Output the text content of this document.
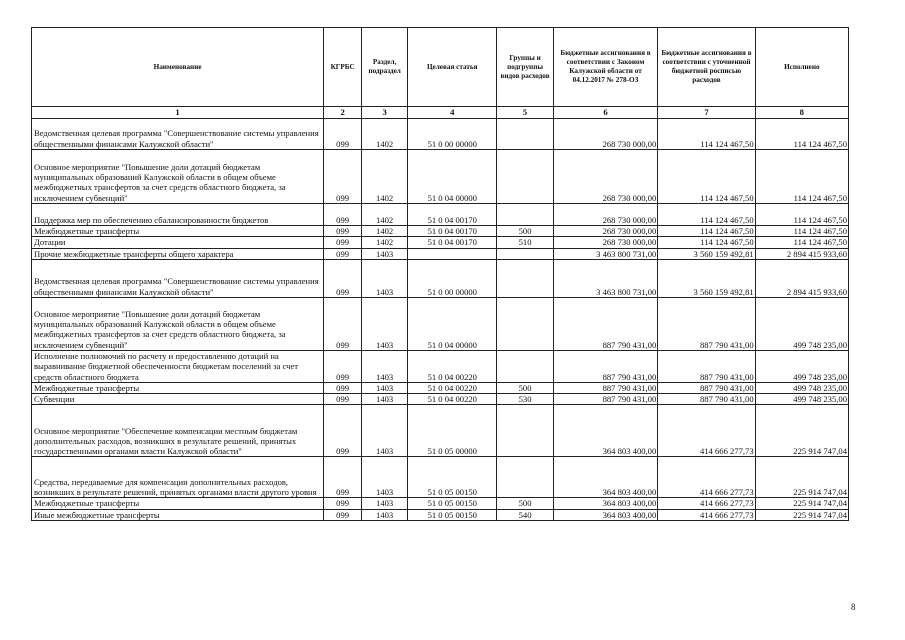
Наименование	КГРБС	Раздел, подраздел	Целевая статья	Группы и подгруппы видов расходов	Бюджетные ассигнования в соответствии с Законом Калужской области от 04.12.2017 № 278-ОЗ	Бюджетные ассигнования в соответствии с уточненной бюджетной росписью расходов	Исполнено
1	2	3	4	5	6	7	8
Ведомственная целевая программа "Совершенствование системы управления общественными финансами Калужской области"	099	1402	51 0 00 00000		268 730 000,00	114 124 467,50	114 124 467,50
Основное мероприятие "Повышение доли дотаций бюджетам муниципальных образований Калужской области в общем объеме межбюджетных трансфертов за счет средств областного бюджета, за исключением субвенций"	099	1402	51 0 04 00000		268 730 000,00	114 124 467,50	114 124 467,50
Поддержка мер по обеспечению сбалансированности бюджетов	099	1402	51 0 04 00170		268 730 000,00	114 124 467,50	114 124 467,50
Межбюджетные трансферты	099	1402	51 0 04 00170	500	268 730 000,00	114 124 467,50	114 124 467,50
Дотации	099	1402	51 0 04 00170	510	268 730 000,00	114 124 467,50	114 124 467,50
Прочие межбюджетные трансферты общего характера	099	1403			3 463 800 731,00	3 560 159 492,81	2 894 415 933,60
Ведомственная целевая программа "Совершенствование системы управления общественными финансами Калужской области"	099	1403	51 0 00 00000		3 463 800 731,00	3 560 159 492,81	2 894 415 933,60
Основное мероприятие "Повышение доли дотаций бюджетам муниципальных образований Калужской области в общем объеме межбюджетных трансфертов за счет средств областного бюджета, за исключением субвенций"	099	1403	51 0 04 00000		887 790 431,00	887 790 431,00	499 748 235,00
Исполнение полномочий по расчету и предоставлению дотаций на выравнивание бюджетной обеспеченности бюджетам поселений за счет средств областного бюджета	099	1403	51 0 04 00220		887 790 431,00	887 790 431,00	499 748 235,00
Межбюджетные трансферты	099	1403	51 0 04 00220	500	887 790 431,00	887 790 431,00	499 748 235,00
Субвенции	099	1403	51 0 04 00220	530	887 790 431,00	887 790 431,00	499 748 235,00
Основное мероприятие "Обеспечение компенсации местным бюджетам дополнительных расходов, возникших в результате решений, принятых государственными органами власти Калужской области"	099	1403	51 0 05 00000		364 803 400,00	414 666 277,73	225 914 747,04
Средства, передаваемые для компенсации дополнительных расходов, возникших в результате решений, принятых органами власти другого уровня	099	1403	51 0 05 00150		364 803 400,00	414 666 277,73	225 914 747,04
Межбюджетные трансферты	099	1403	51 0 05 00150	500	364 803 400,00	414 666 277,73	225 914 747,04
Иные межбюджетные трансферты	099	1403	51 0 05 00150	540	364 803 400,00	414 666 277,73	225 914 747,04
8
